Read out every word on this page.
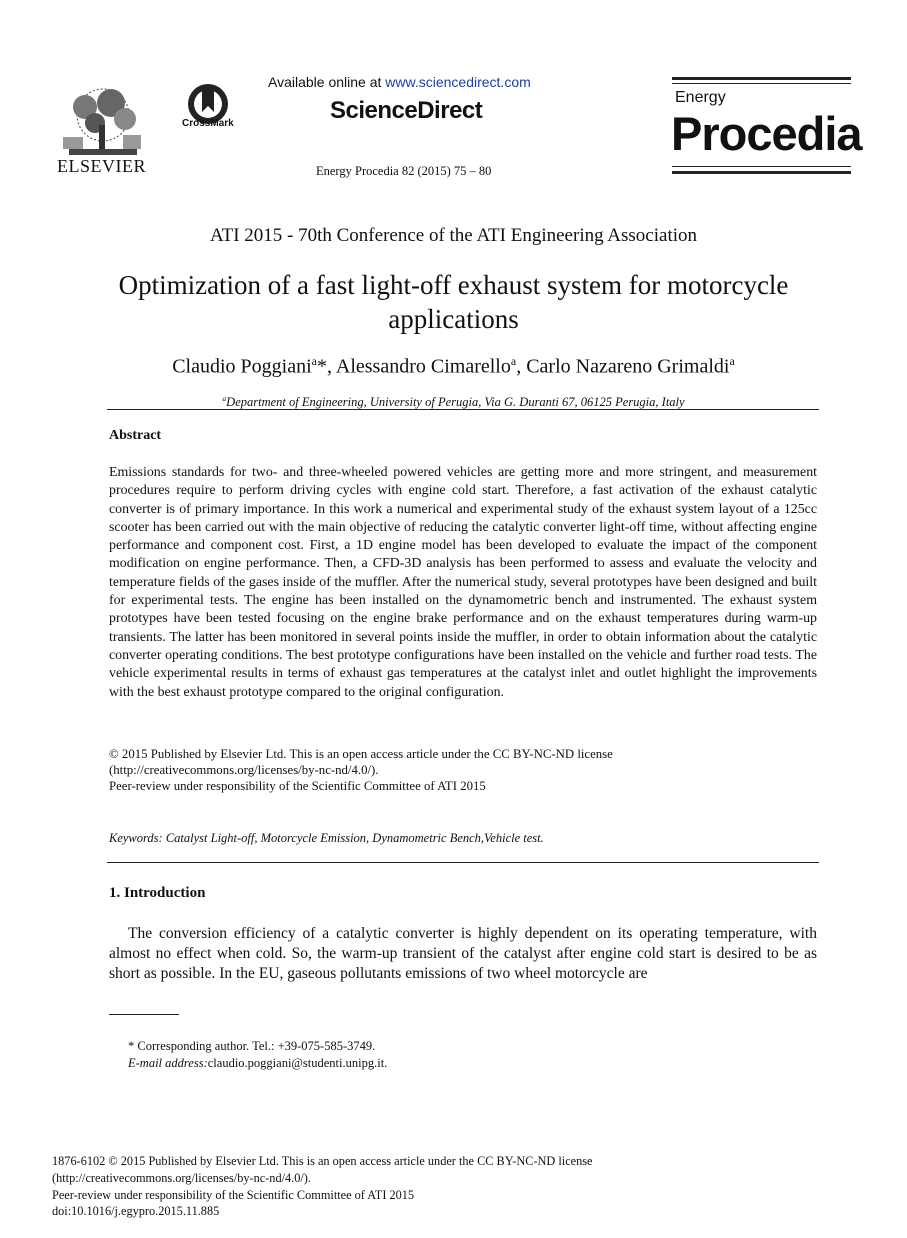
ELSEVIER
CrossMark
Available online at www.sciencedirect.com
ScienceDirect
Energy Procedia 82 (2015) 75 – 80
Energy
Procedia
ATI 2015 - 70th Conference of the ATI Engineering Association
Optimization of a fast light-off exhaust system for motorcycle applications
Claudio Poggiani$^a$*, Alessandro Cimarello$^a$, Carlo Nazareno Grimaldi$^a$
$^a$Department of Engineering, University of Perugia, Via G. Duranti 67, 06125 Perugia, Italy
Abstract
Emissions standards for two- and three-wheeled powered vehicles are getting more and more stringent, and measurement procedures require to perform driving cycles with engine cold start. Therefore, a fast activation of the exhaust catalytic converter is of primary importance. In this work a numerical and experimental study of the exhaust system layout of a 125cc scooter has been carried out with the main objective of reducing the catalytic converter light-off time, without affecting engine performance and component cost. First, a 1D engine model has been developed to evaluate the impact of the component modification on engine performance. Then, a CFD-3D analysis has been performed to assess and evaluate the velocity and temperature fields of the gases inside of the muffler. After the numerical study, several prototypes have been designed and built for experimental tests. The engine has been installed on the dynamometric bench and instrumented. The exhaust system prototypes have been tested focusing on the engine brake performance and on the exhaust temperatures during warm-up transients. The latter has been monitored in several points inside the muffler, in order to obtain information about the catalytic converter operating conditions. The best prototype configurations have been installed on the vehicle and further road tests. The vehicle experimental results in terms of exhaust gas temperatures at the catalyst inlet and outlet highlight the improvements with the best exhaust prototype compared to the original configuration.
© 2015 Published by Elsevier Ltd. This is an open access article under the CC BY-NC-ND license
(http://creativecommons.org/licenses/by-nc-nd/4.0/).
Peer-review under responsibility of the Scientific Committee of ATI 2015
Keywords: Catalyst Light-off, Motorcycle Emission, Dynamometric Bench,Vehicle test.
1. Introduction
The conversion efficiency of a catalytic converter is highly dependent on its operating temperature, with almost no effect when cold. So, the warm-up transient of the catalyst after engine cold start is desired to be as short as possible. In the EU, gaseous pollutants emissions of two wheel motorcycle are
* Corresponding author. Tel.: +39-075-585-3749.
E-mail address:claudio.poggiani@studenti.unipg.it.
1876-6102 © 2015 Published by Elsevier Ltd. This is an open access article under the CC BY-NC-ND license
(http://creativecommons.org/licenses/by-nc-nd/4.0/).
Peer-review under responsibility of the Scientific Committee of ATI 2015
doi:10.1016/j.egypro.2015.11.885
